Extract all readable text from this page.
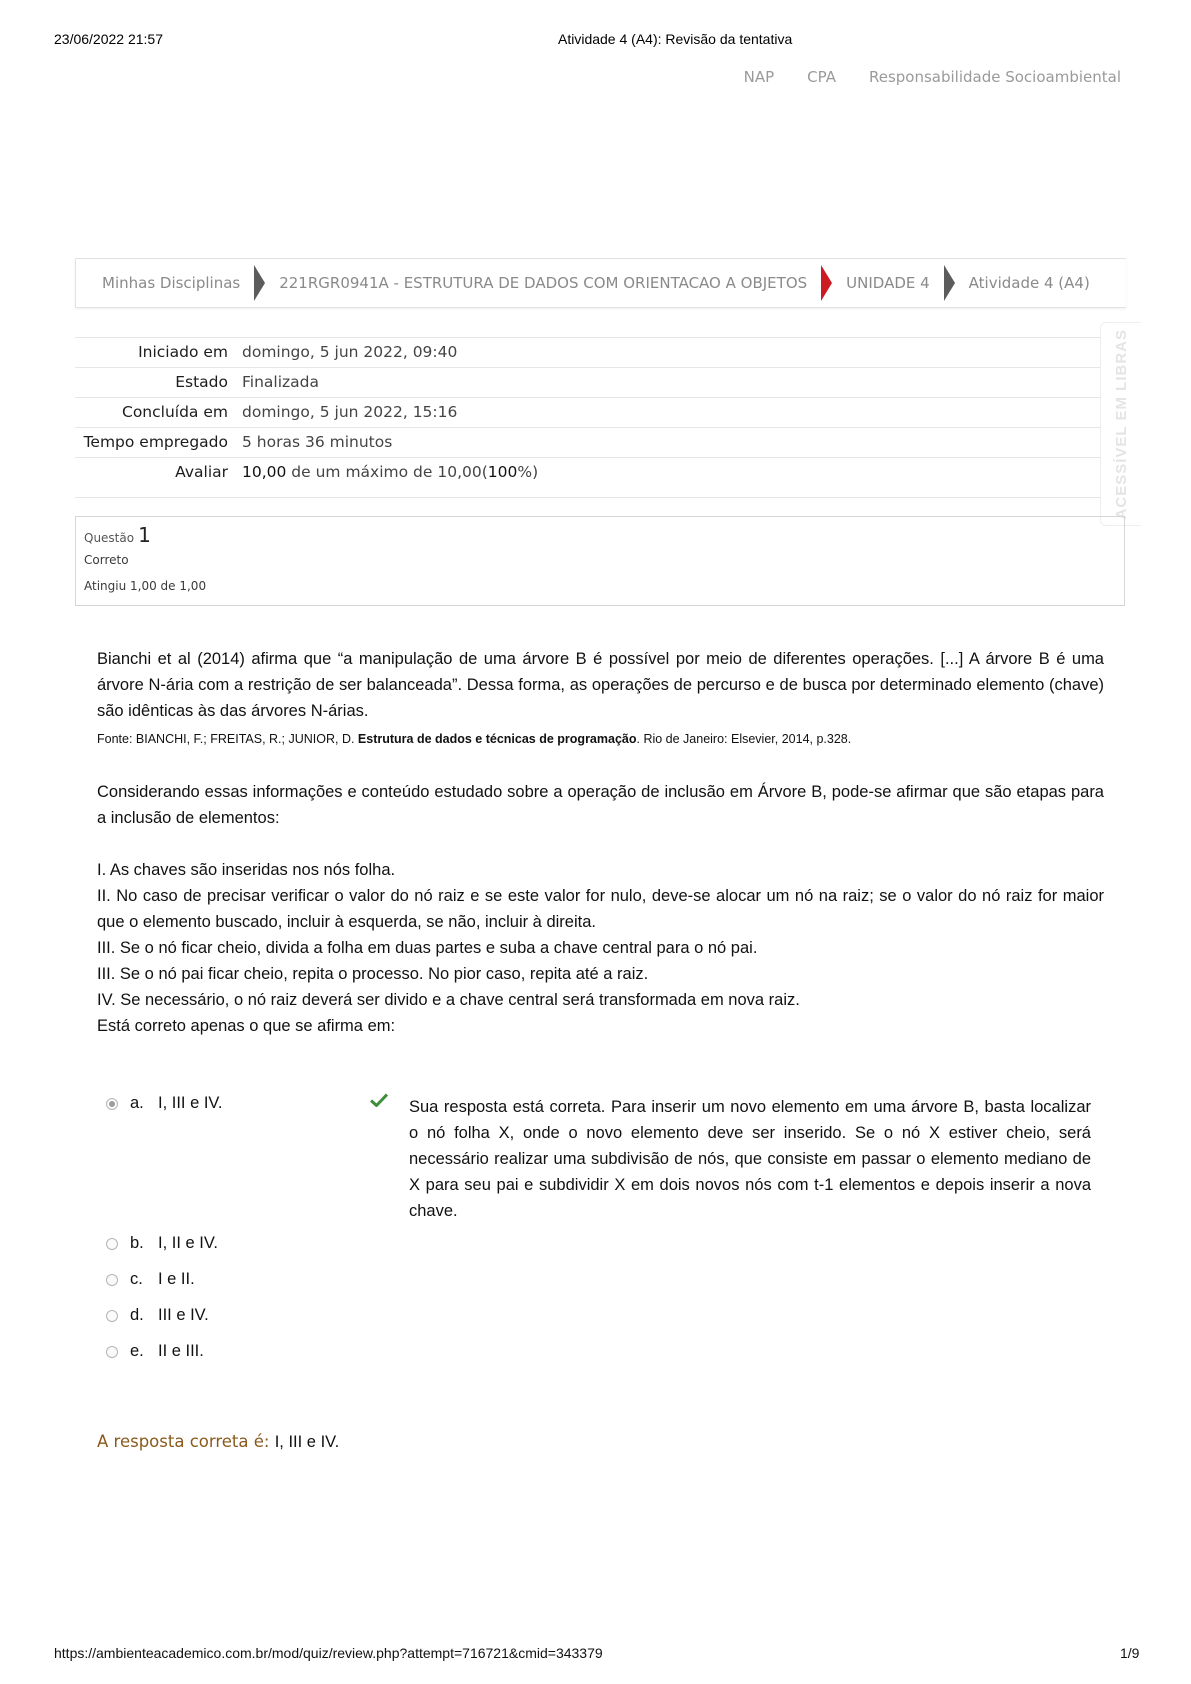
23/06/2022 21:57	Atividade 4 (A4): Revisão da tentativa
NAP CPA Responsabilidade Socioambiental
Minhas Disciplinas	221RGR0941A - ESTRUTURA DE DADOS COM ORIENTACAO A OBJETOS	UNIDADE 4	Atividade 4 (A4)
ACESSÍVEL EM LIBRAS
Iniciado em	domingo, 5 jun 2022, 09:40
Estado	Finalizada
Concluída em	domingo, 5 jun 2022, 15:16
Tempo empregado	5 horas 36 minutos
Avaliar	10,00 de um máximo de 10,00(100%)
Questão 1
Correto
Atingiu 1,00 de 1,00

Bianchi et al (2014) afirma que “a manipulação de uma árvore B é possível por meio de diferentes operações. [...] A árvore B é uma árvore N-ária com a restrição de ser balanceada”. Dessa forma, as operações de percurso e de busca por determinado elemento (chave) são idênticas às das árvores N-árias.

Fonte: BIANCHI, F.; FREITAS, R.; JUNIOR, D. Estrutura de dados e técnicas de programação. Rio de Janeiro: Elsevier, 2014, p.328.

Considerando essas informações e conteúdo estudado sobre a operação de inclusão em Árvore B, pode-se afirmar que são etapas para a inclusão de elementos:

I. As chaves são inseridas nos nós folha.

II. No caso de precisar verificar o valor do nó raiz e se este valor for nulo, deve-se alocar um nó na raiz; se o valor do nó raiz for maior que o elemento buscado, incluir à esquerda, se não, incluir à direita.

III. Se o nó ficar cheio, divida a folha em duas partes e suba a chave central para o nó pai.

III. Se o nó pai ficar cheio, repita o processo. No pior caso, repita até a raiz.

IV. Se necessário, o nó raiz deverá ser divido e a chave central será transformada em nova raiz.

Está correto apenas o que se afirma em:

a. I, III e IV.	Sua resposta está correta. Para inserir um novo elemento em uma árvore B, basta localizar o nó folha X, onde o novo elemento deve ser inserido. Se o nó X estiver cheio, será necessário realizar uma subdivisão de nós, que consiste em passar o elemento mediano de X para seu pai e subdividir X em dois novos nós com t-1 elementos e depois inserir a nova chave.
b. I, II e IV.
c. I e II.
d. III e IV.
e. II e III.
A resposta correta é: I, III e IV.
https://ambienteacademico.com.br/mod/quiz/review.php?attempt=716721&cmid=343379	1/9
